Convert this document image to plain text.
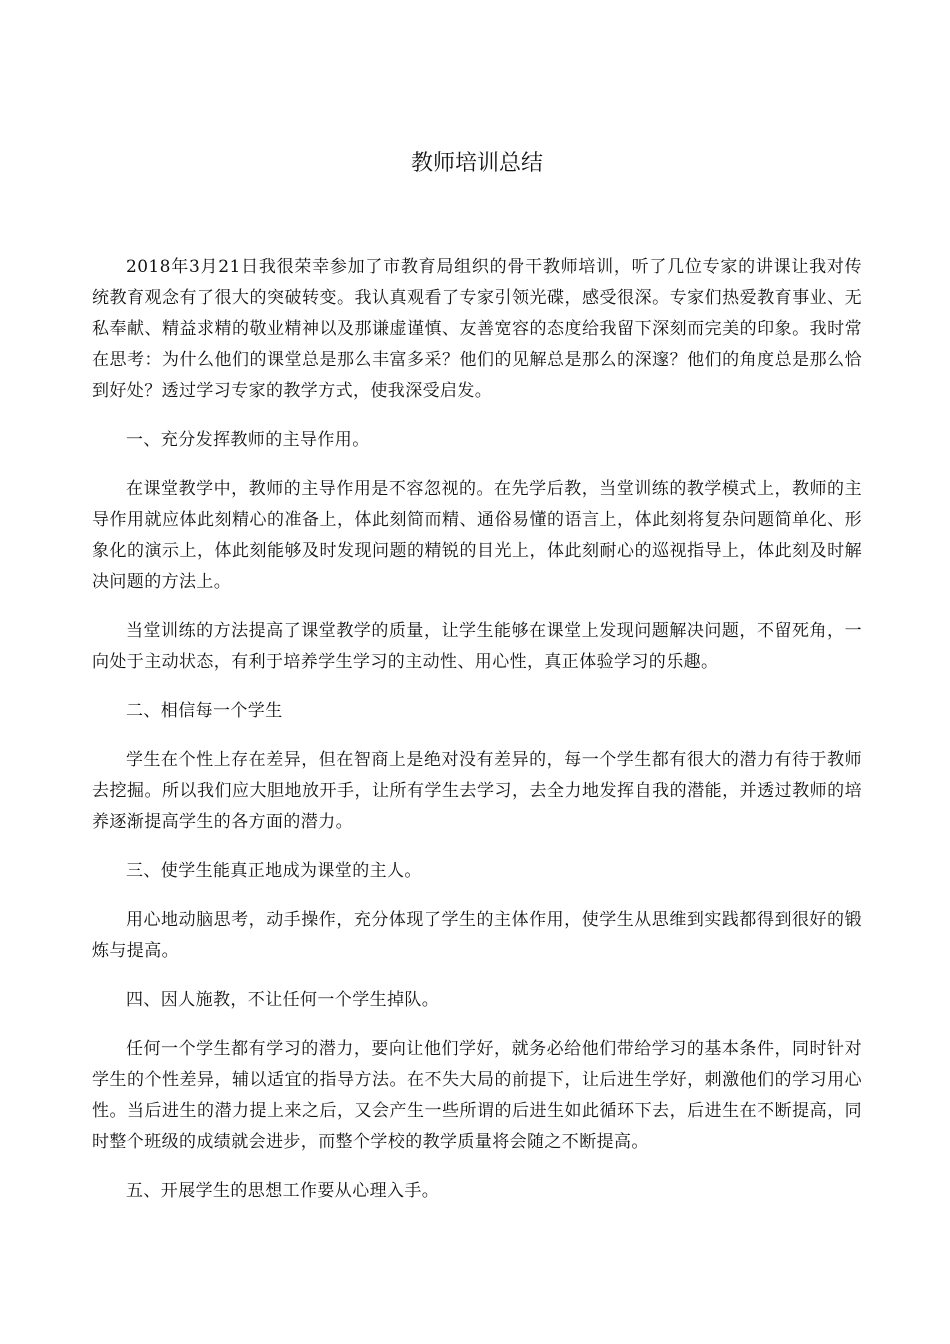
教师培训总结

2018年3月21日我很荣幸参加了市教育局组织的骨干教师培训，听了几位专家的讲课让我对传统教育观念有了很大的突破转变。我认真观看了专家引领光碟，感受很深。专家们热爱教育事业、无私奉献、精益求精的敬业精神以及那谦虚谨慎、友善宽容的态度给我留下深刻而完美的印象。我时常在思考：为什么他们的课堂总是那么丰富多采？他们的见解总是那么的深邃？他们的角度总是那么恰到好处？透过学习专家的教学方式，使我深受启发。

一、充分发挥教师的主导作用。

在课堂教学中，教师的主导作用是不容忽视的。在先学后教，当堂训练的教学模式上，教师的主导作用就应体此刻精心的准备上，体此刻简而精、通俗易懂的语言上，体此刻将复杂问题简单化、形象化的演示上，体此刻能够及时发现问题的精锐的目光上，体此刻耐心的巡视指导上，体此刻及时解决问题的方法上。

当堂训练的方法提高了课堂教学的质量，让学生能够在课堂上发现问题解决问题，不留死角，一向处于主动状态，有利于培养学生学习的主动性、用心性，真正体验学习的乐趣。

二、相信每一个学生

学生在个性上存在差异，但在智商上是绝对没有差异的，每一个学生都有很大的潜力有待于教师去挖掘。所以我们应大胆地放开手，让所有学生去学习，去全力地发挥自我的潜能，并透过教师的培养逐渐提高学生的各方面的潜力。

三、使学生能真正地成为课堂的主人。

用心地动脑思考，动手操作，充分体现了学生的主体作用，使学生从思维到实践都得到很好的锻炼与提高。

四、因人施教，不让任何一个学生掉队。

任何一个学生都有学习的潜力，要向让他们学好，就务必给他们带给学习的基本条件，同时针对学生的个性差异，辅以适宜的指导方法。在不失大局的前提下，让后进生学好，刺激他们的学习用心性。当后进生的潜力提上来之后，又会产生一些所谓的后进生如此循环下去，后进生在不断提高，同时整个班级的成绩就会进步，而整个学校的教学质量将会随之不断提高。

五、开展学生的思想工作要从心理入手。
